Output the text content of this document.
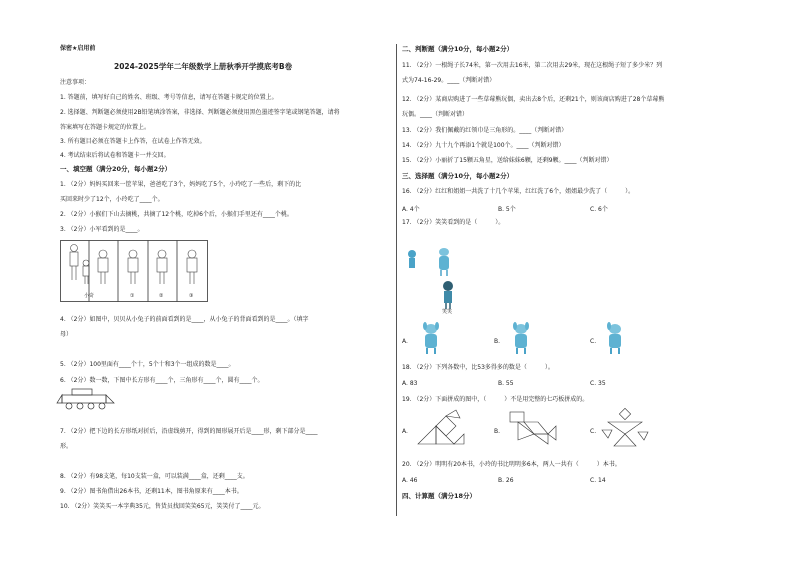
保密★启用前
2024-2025学年二年级数学上册秋季开学摸底考B卷
注意事项：
1. 答题前，填写好自己的姓名、班级、考号等信息，请写在答题卡规定的位置上。
2. 选择题、判断题必须使用2B铅笔填涂答案，非选择、判断题必须使用黑色墨迹签字笔或钢笔答题，请将
答案填写在答题卡规定的位置上。
3. 所有题目必须在答题卡上作答，在试卷上作答无效。
4. 考试结束后将试卷和答题卡一并交回。
一、填空题（满分20分，每小题2分）
1. （2分）妈妈买回来一筐苹果，爸爸吃了3个，妈妈吃了5个，小玲吃了一些后，剩下的比
买回来时少了12个，小玲吃了____个。
2. （2分）小猴们下山去摘桃，共摘了12个桃，吃掉6个后，小猴们手里还有____个桃。
3. （2分）小军看到的是____。
小奇	①	②	③
4. （2分）如图中，贝贝从小兔子的前面看到的是____，从小兔子的背面看到的是____。（填字
母）
5. （2分）100里面有____个十，5个十和3个一组成的数是____。
6. （2分）数一数，下图中长方形有____个，三角形有____个，圆有____个。
7. （2分）把下边的长方形纸对折后，沿虚线剪开，得到的图形展开后是____形，剩下部分是____
形。
8. （2分）有98支笔，每10支装一盒，可以装满____盒，还剩____支。
9. （2分）图书角借出26本书，还剩11本，图书角原来有____本书。
10. （2分）笑笑买一本字典35元，售货员找回笑笑65元，笑笑付了____元。
二、判断题（满分10分，每小题2分）
11. （2分）一根绳子长74米，第一次用去16米，第二次用去29米，现在这根绳子短了多少米？列
式为74-16-29。____（判断对错）
12. （2分）某商店购进了一些草莓熊玩偶，卖出去8个后，还剩21个，则该商店购进了28个草莓熊
玩偶。____（判断对错）
13. （2分）我们佩戴的红领巾是三角形的。____（判断对错）
14. （2分）九十九个再添1个就是100个。____（判断对错）
15. （2分）小丽折了15颗五角星，送给妹妹6颗，还剩9颗。____（判断对错）
三、选择题（满分10分，每小题2分）
16. （2分）红红和姐姐一共洗了十几个苹果，红红洗了6个，姐姐最少洗了（　　　）。
A. 4个	B. 5个	C. 6个
17. （2分）笑笑看到的是（　　　）。
笑笑
A.	B.	C.
18. （2分）下列各数中，比53多得多的数是（　　　）。
A. 83	B. 55	C. 35
19. （2分）下面拼成的图中，（　　　）不是用完整的七巧板拼成的。
A.	B.	C.
20. （2分）明明有20本书，小玲的书比明明多6本，两人一共有（　　　）本书。
A. 46	B. 26	C. 14
四、计算题（满分18分）
